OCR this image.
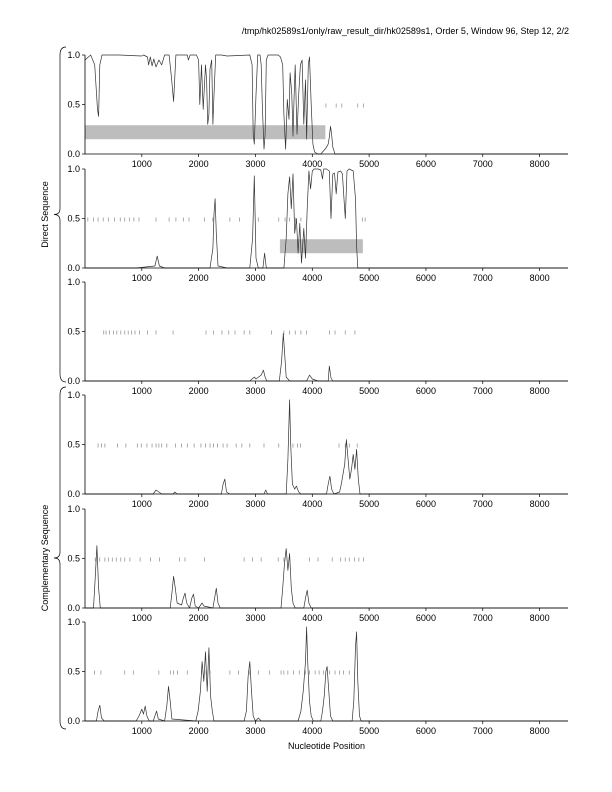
/tmp/hk02589s1/only/raw_result_dir/hk02589s1, Order 5, Window 96, Step 12, 2/2
0.0
0.5
1.0
1000	2000	3000	4000	5000	6000	7000	8000
0.0
0.5
1.0
1000	2000	3000	4000	5000	6000	7000	8000
0.0
0.5
1.0
1000	2000	3000	4000	5000	6000	7000	8000
0.0
0.5
1.0
1000	2000	3000	4000	5000	6000	7000	8000
0.0
0.5
1.0
1000	2000	3000	4000	5000	6000	7000	8000
0.0
0.5
1.0
1000	2000	3000	4000	5000	6000	7000	8000
Direct Sequence
Complementary Sequence
Nucleotide Position
